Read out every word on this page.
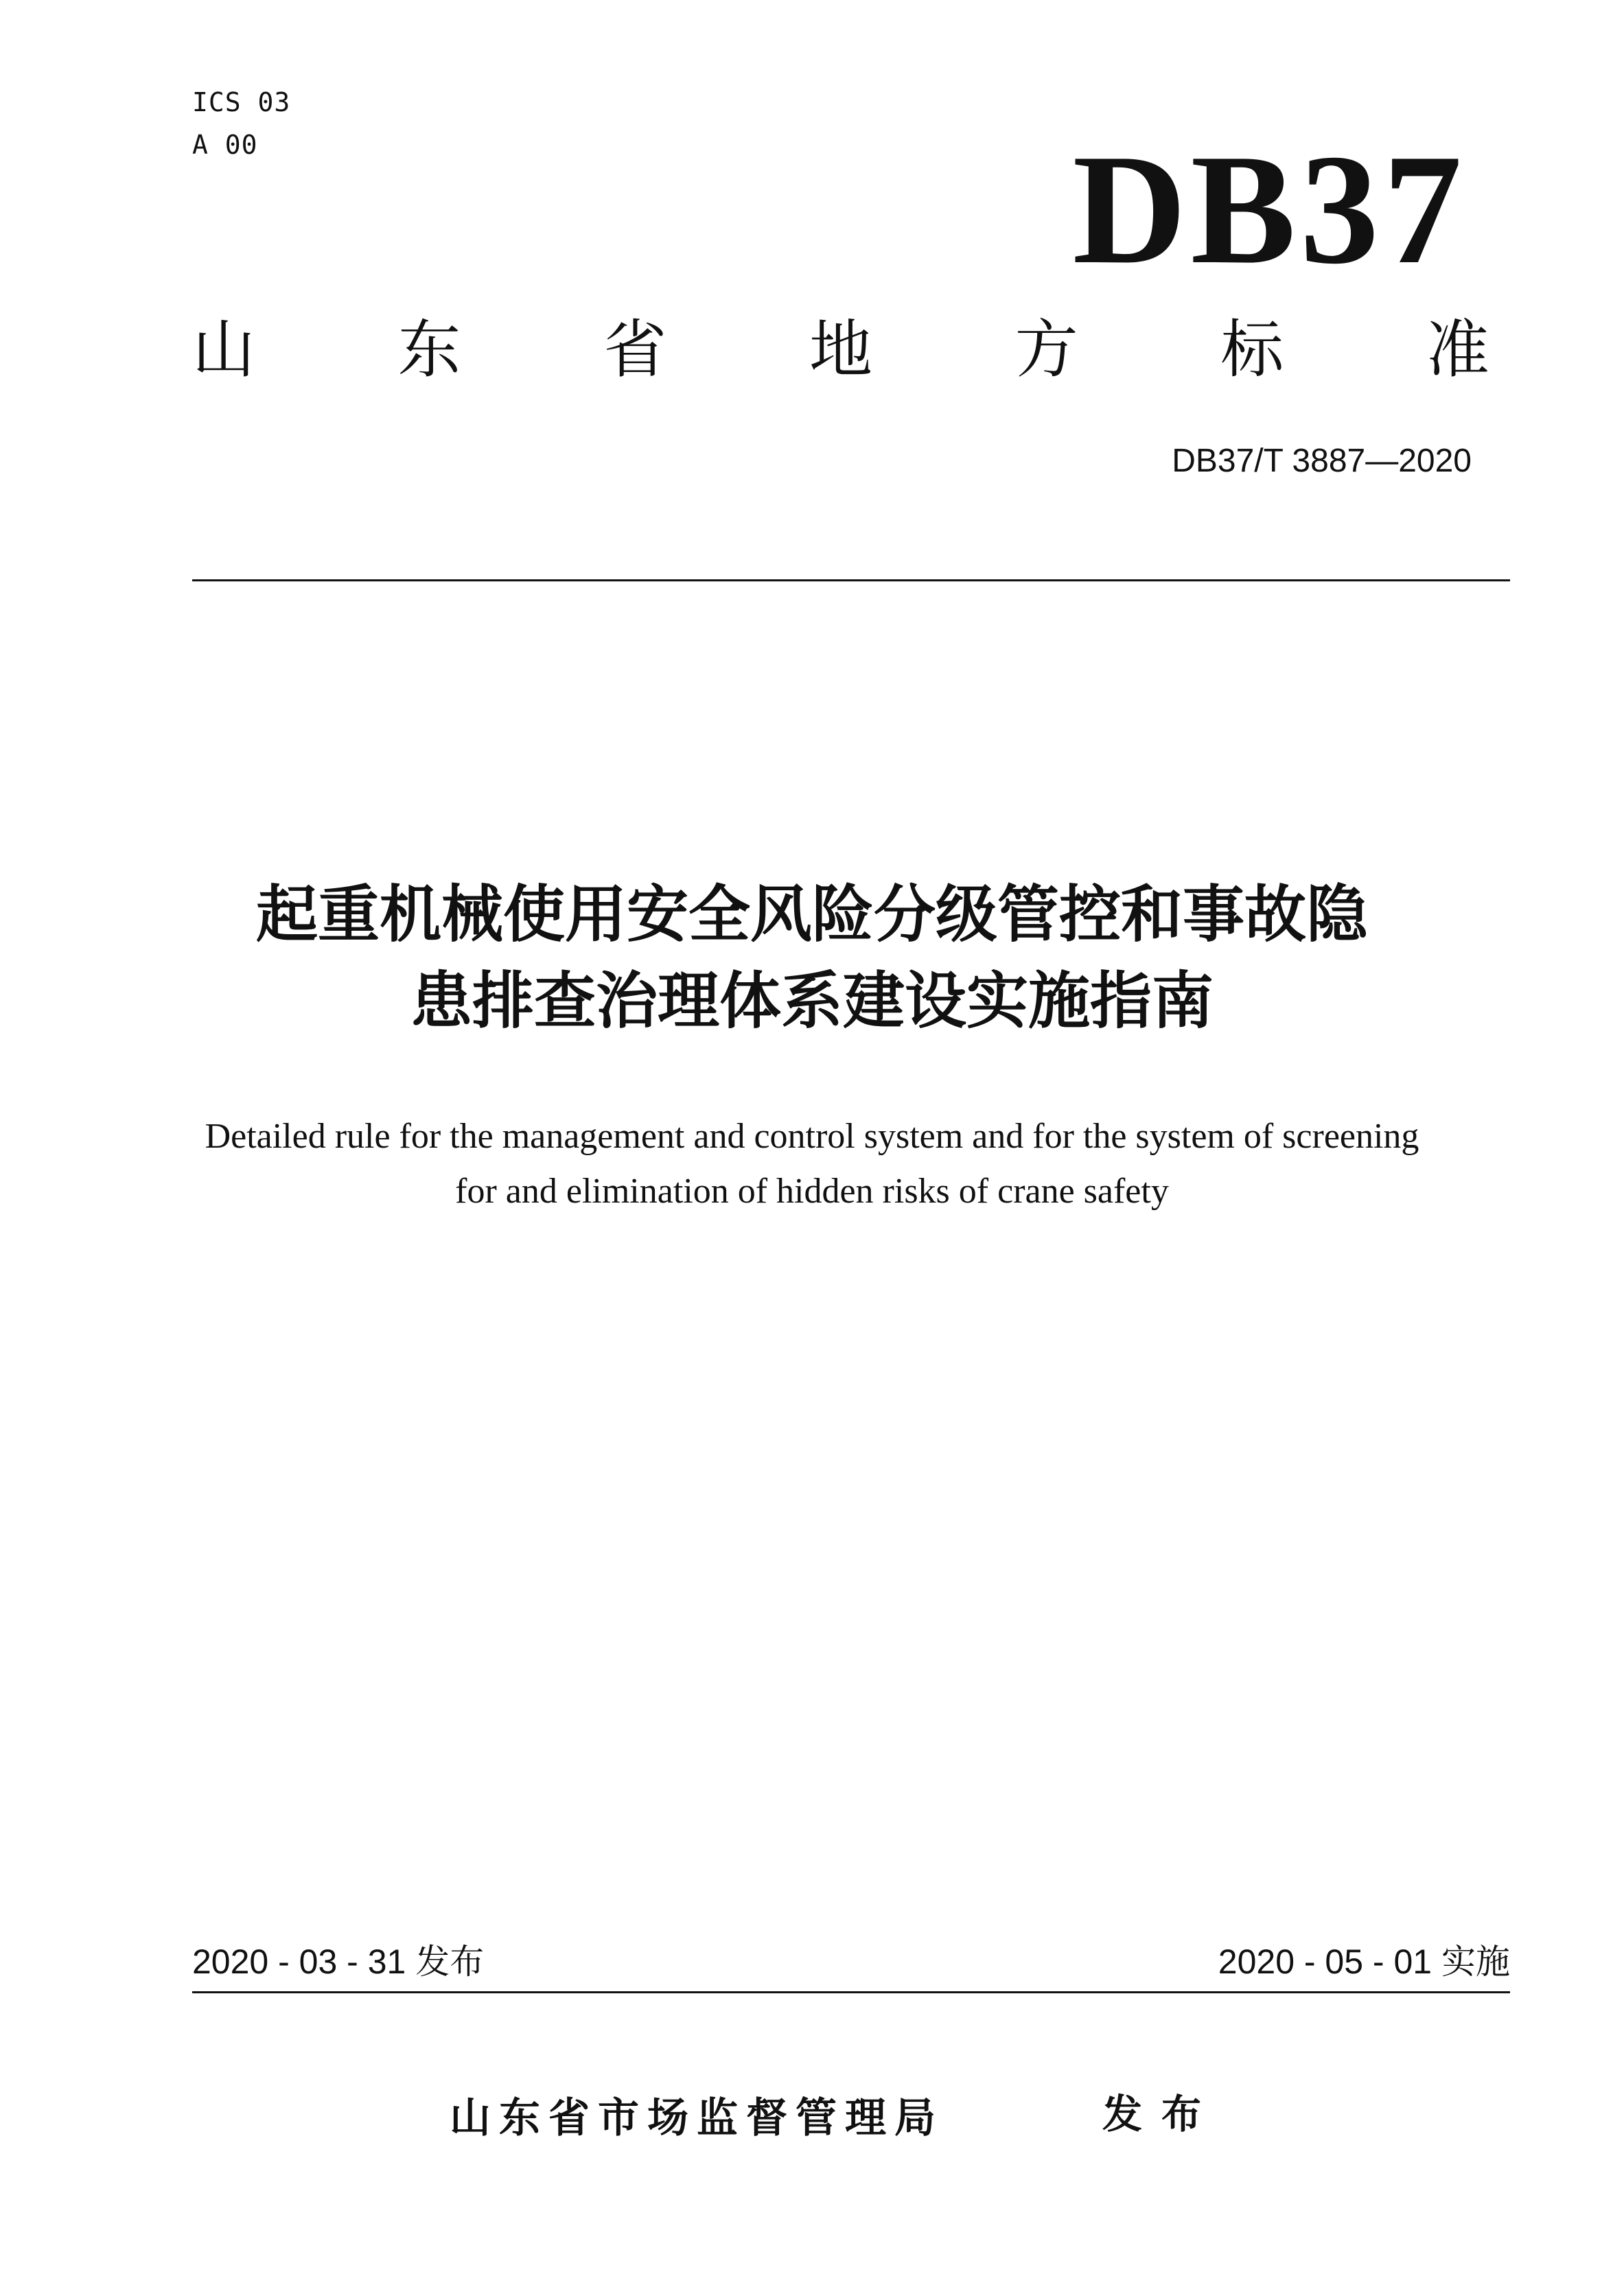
ICS 03
A 00	DB37
山 东 省 地 方 标 准
DB37/T 3887—2020
起重机械使用安全风险分级管控和事故隐
患排查治理体系建设实施指南
Detailed rule for the management and control system and for the system of screening
for and elimination of hidden risks of crane safety
2020 - 03 - 31 发布	2020 - 05 - 01 实施
山东省市场监督管理局	发布
